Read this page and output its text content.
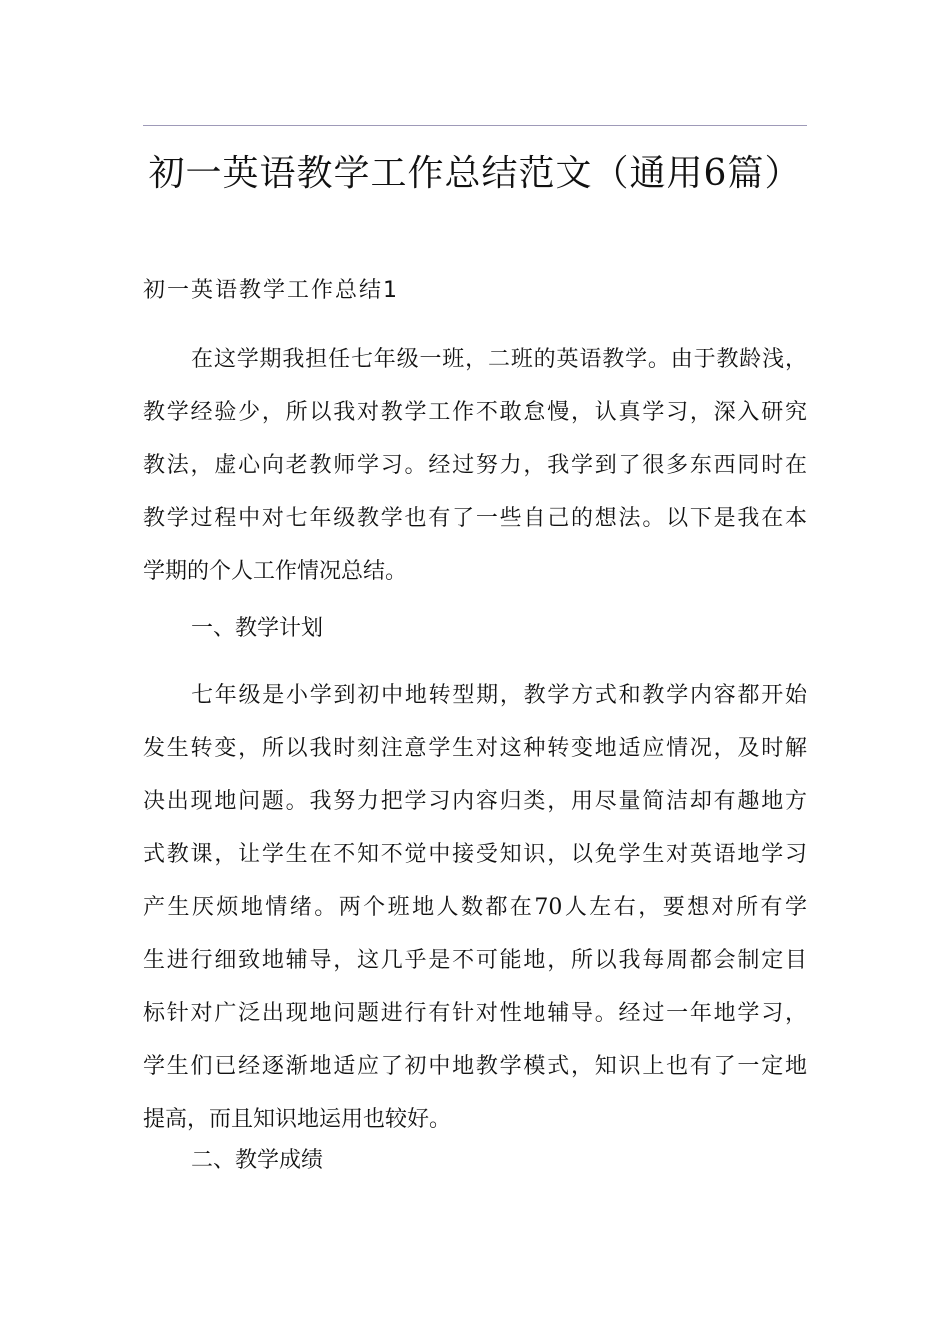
初一英语教学工作总结范文（通用6篇）
初一英语教学工作总结1
在这学期我担任七年级一班，二班的英语教学。由于教龄浅，
教学经验少，所以我对教学工作不敢怠慢，认真学习，深入研究
教法，虚心向老教师学习。经过努力，我学到了很多东西同时在
教学过程中对七年级教学也有了一些自己的想法。以下是我在本
学期的个人工作情况总结。
一、教学计划
七年级是小学到初中地转型期，教学方式和教学内容都开始
发生转变，所以我时刻注意学生对这种转变地适应情况，及时解
决出现地问题。我努力把学习内容归类，用尽量简洁却有趣地方
式教课，让学生在不知不觉中接受知识，以免学生对英语地学习
产生厌烦地情绪。两个班地人数都在70人左右，要想对所有学
生进行细致地辅导，这几乎是不可能地，所以我每周都会制定目
标针对广泛出现地问题进行有针对性地辅导。经过一年地学习，
学生们已经逐渐地适应了初中地教学模式，知识上也有了一定地
提高，而且知识地运用也较好。
二、教学成绩
